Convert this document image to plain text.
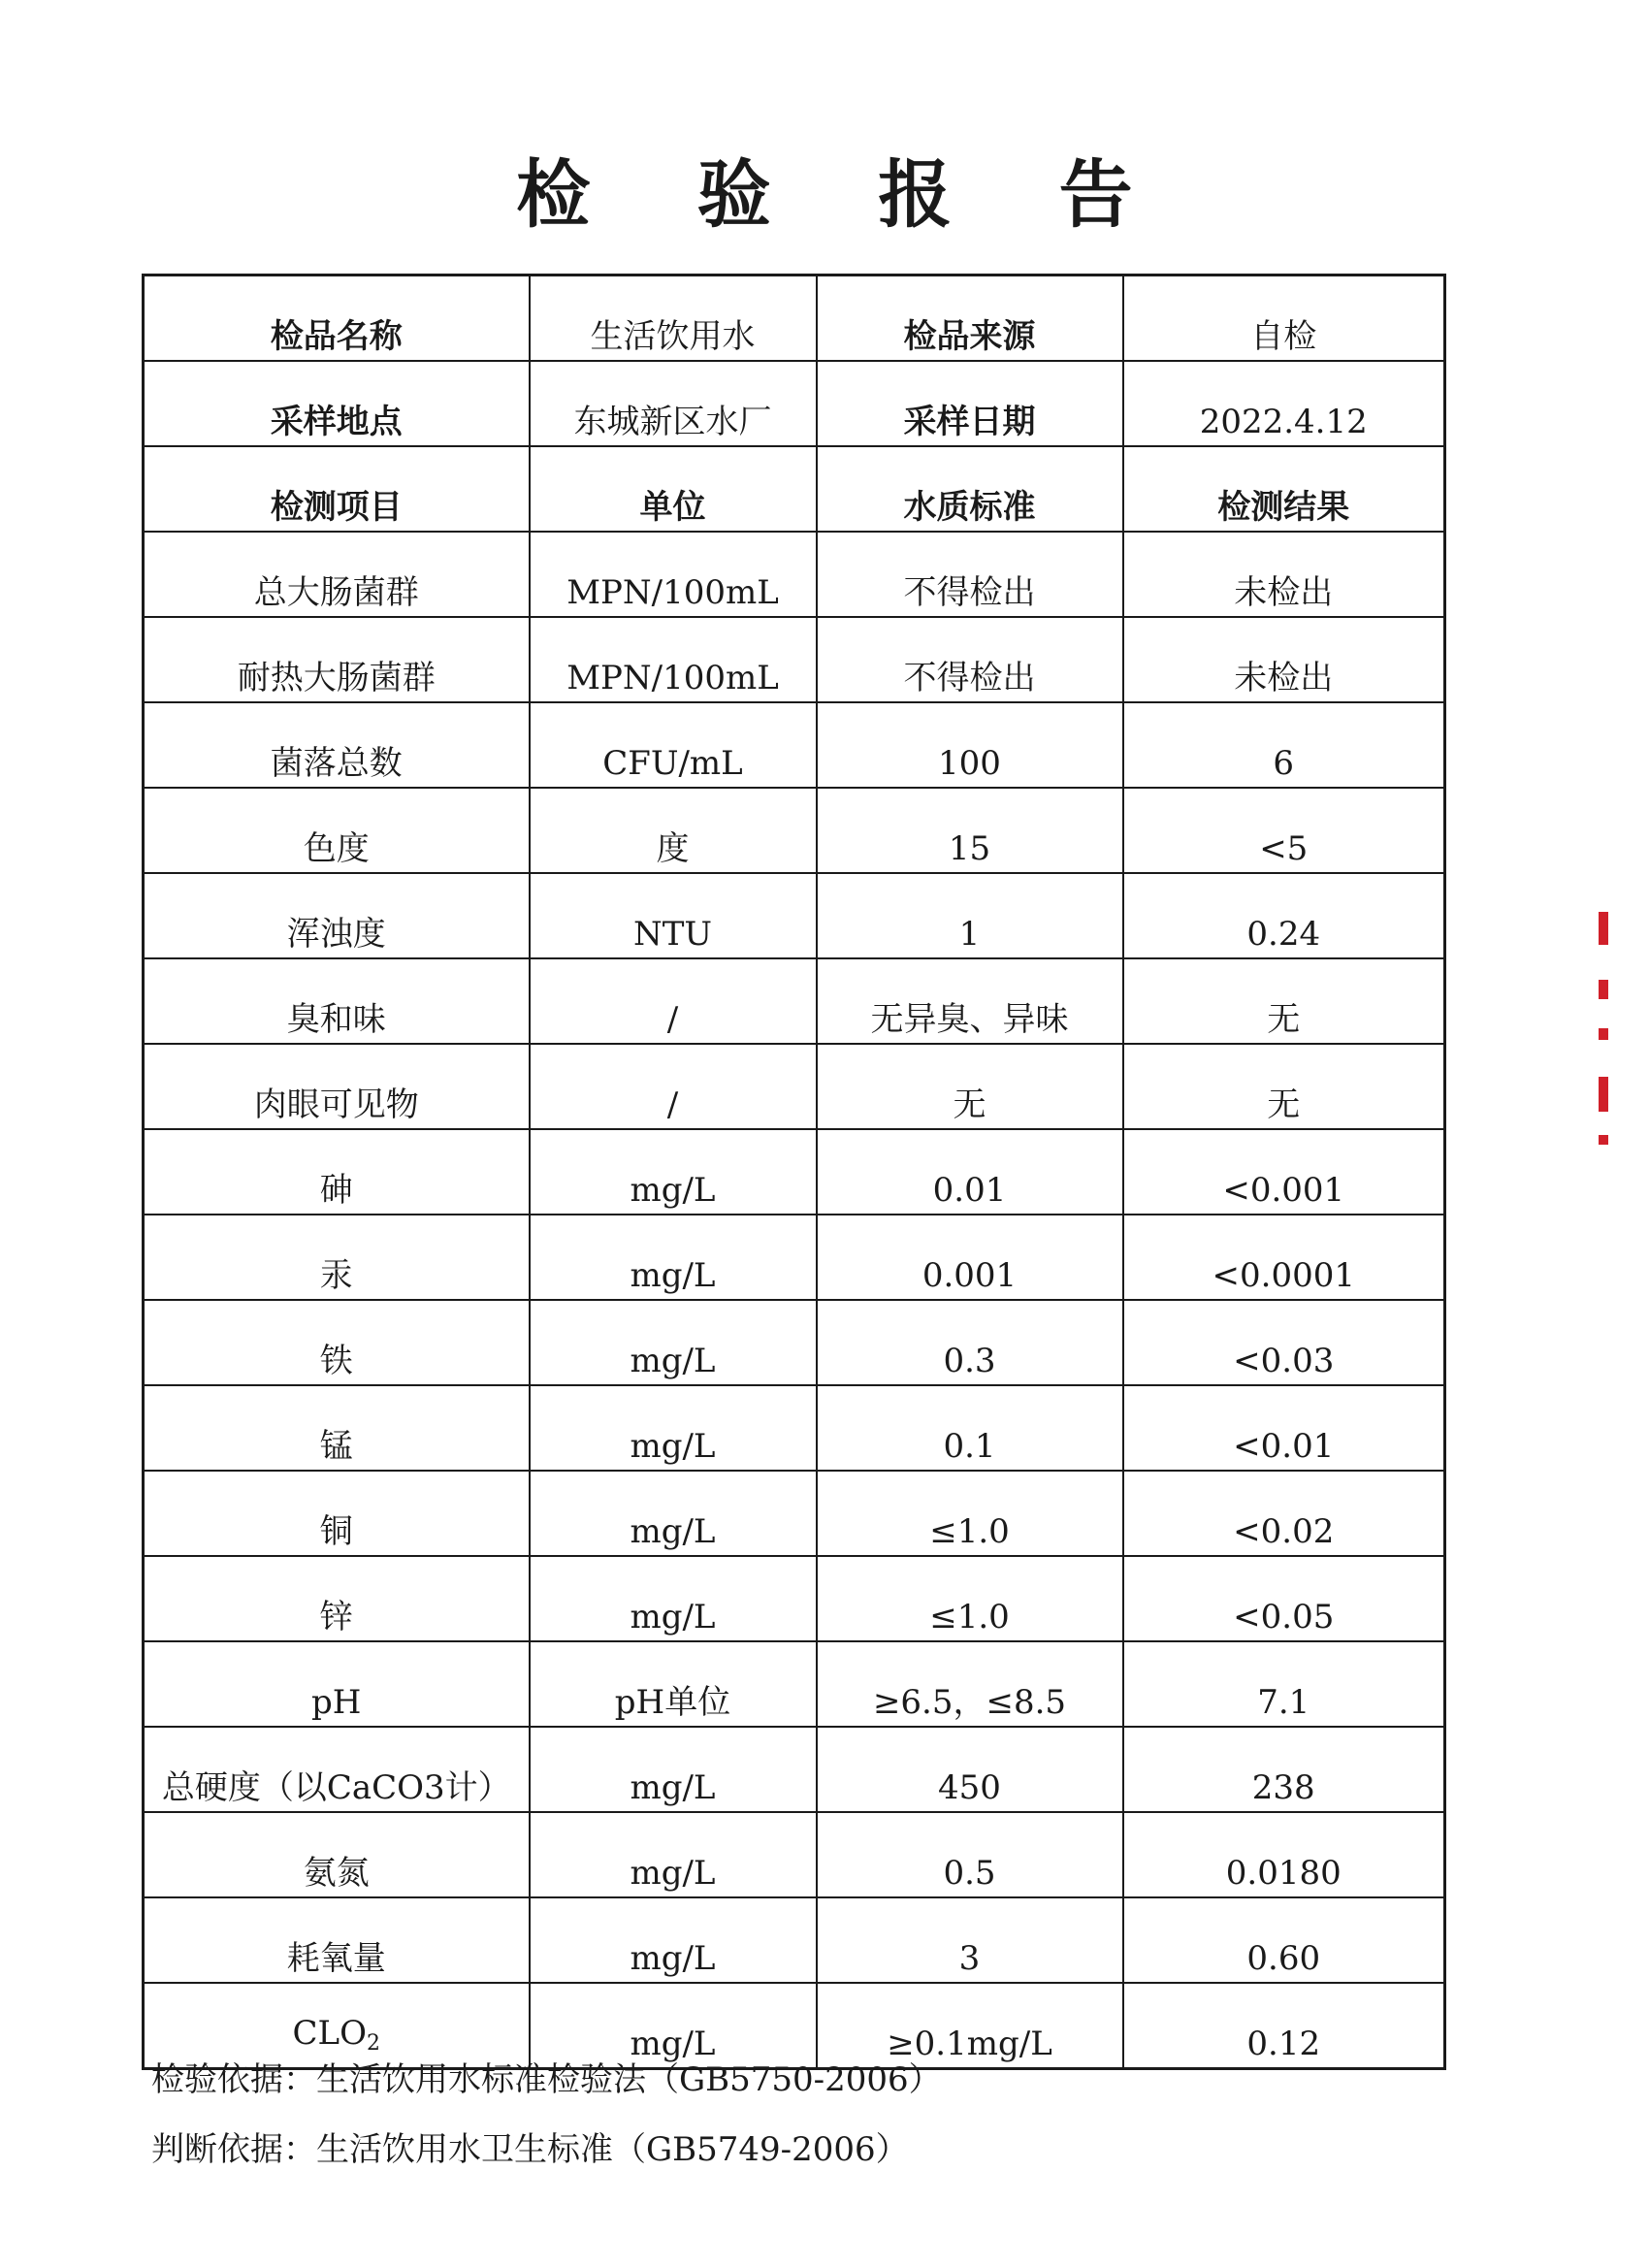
检 验 报 告
检品名称	生活饮用水	检品来源	自检
采样地点	东城新区水厂	采样日期	2022.4.12
检测项目	单位	水质标准	检测结果
总大肠菌群	MPN/100mL	不得检出	未检出
耐热大肠菌群	MPN/100mL	不得检出	未检出
菌落总数	CFU/mL	100	6
色度	度	15	<5
浑浊度	NTU	1	0.24
臭和味	/	无异臭、异味	无
肉眼可见物	/	无	无
砷	mg/L	0.01	<0.001
汞	mg/L	0.001	<0.0001
铁	mg/L	0.3	<0.03
锰	mg/L	0.1	<0.01
铜	mg/L	≤1.0	<0.02
锌	mg/L	≤1.0	<0.05
pH	pH单位	≥6.5，≤8.5	7.1
总硬度（以CaCO3计）	mg/L	450	238
氨氮	mg/L	0.5	0.0180
耗氧量	mg/L	3	0.60
$CLO_2$	mg/L	≥0.1mg/L	0.12
检验依据：生活饮用水标准检验法（GB5750-2006）
判断依据：生活饮用水卫生标准（GB5749-2006）
